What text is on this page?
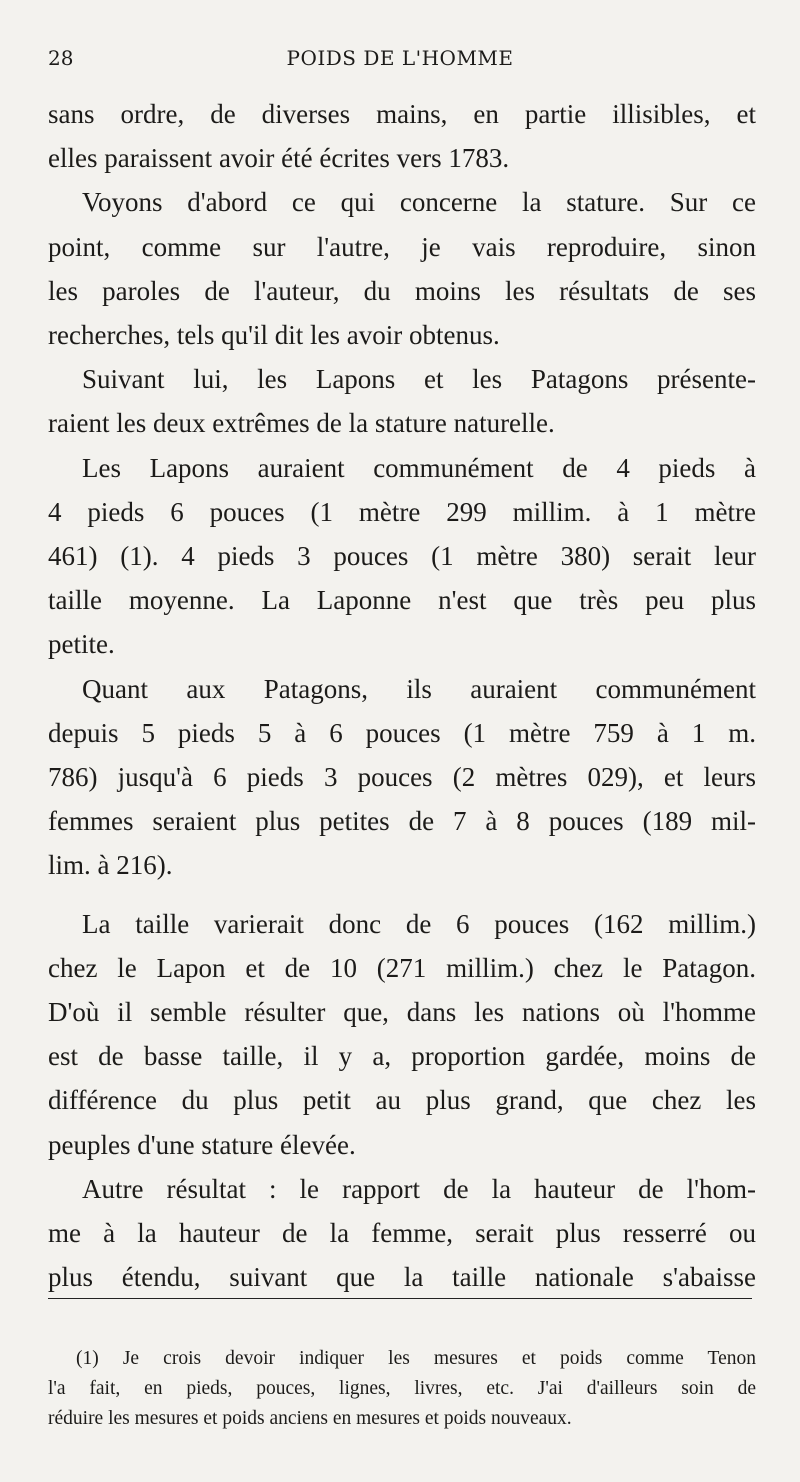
28	POIDS DE L'HOMME
sans ordre, de diverses mains, en partie illisibles, et
elles paraissent avoir été écrites vers 1783.
Voyons d'abord ce qui concerne la stature. Sur ce
point, comme sur l'autre, je vais reproduire, sinon
les paroles de l'auteur, du moins les résultats de ses
recherches, tels qu'il dit les avoir obtenus.
Suivant lui, les Lapons et les Patagons présente-
raient les deux extrêmes de la stature naturelle.
Les Lapons auraient communément de 4 pieds à
4 pieds 6 pouces (1 mètre 299 millim. à 1 mètre
461) (1). 4 pieds 3 pouces (1 mètre 380) serait leur
taille moyenne. La Laponne n'est que très peu plus
petite.
Quant aux Patagons, ils auraient communément
depuis 5 pieds 5 à 6 pouces (1 mètre 759 à 1 m.
786) jusqu'à 6 pieds 3 pouces (2 mètres 029), et leurs
femmes seraient plus petites de 7 à 8 pouces (189 mil-
lim. à 216).
La taille varierait donc de 6 pouces (162 millim.)
chez le Lapon et de 10 (271 millim.) chez le Patagon.
D'où il semble résulter que, dans les nations où l'homme
est de basse taille, il y a, proportion gardée, moins de
différence du plus petit au plus grand, que chez les
peuples d'une stature élevée.
Autre résultat : le rapport de la hauteur de l'hom-
me à la hauteur de la femme, serait plus resserré ou
plus étendu, suivant que la taille nationale s'abaisse
(1) Je crois devoir indiquer les mesures et poids comme Tenon
l'a fait, en pieds, pouces, lignes, livres, etc. J'ai d'ailleurs soin de
réduire les mesures et poids anciens en mesures et poids nouveaux.
